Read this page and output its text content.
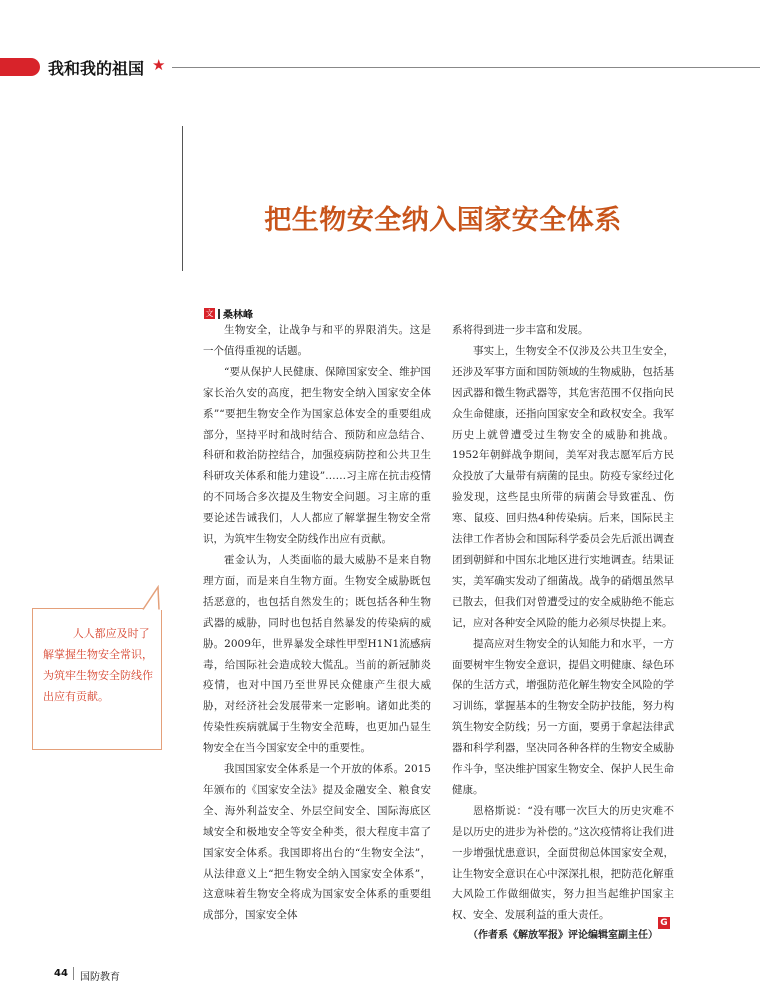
我和我的祖国 ★
把生物安全纳入国家安全体系
文 桑林峰

生物安全，让战争与和平的界限消失。这是一个值得重视的话题。

“要从保护人民健康、保障国家安全、维护国家长治久安的高度，把生物安全纳入国家安全体系”“要把生物安全作为国家总体安全的重要组成部分，坚持平时和战时结合、预防和应急结合、科研和救治防控结合，加强疫病防控和公共卫生科研攻关体系和能力建设”……习主席在抗击疫情的不同场合多次提及生物安全问题。习主席的重要论述告诫我们，人人都应了解掌握生物安全常识，为筑牢生物安全防线作出应有贡献。

霍金认为，人类面临的最大威胁不是来自物理方面，而是来自生物方面。生物安全威胁既包括恶意的，也包括自然发生的；既包括各种生物武器的威胁，同时也包括自然暴发的传染病的威胁。2009年，世界暴发全球性甲型H1N1流感病毒，给国际社会造成较大慌乱。当前的新冠肺炎疫情，也对中国乃至世界民众健康产生很大威胁，对经济社会发展带来一定影响。诸如此类的传染性疾病就属于生物安全范畴，也更加凸显生物安全在当今国家安全中的重要性。

我国国家安全体系是一个开放的体系。2015年颁布的《国家安全法》提及金融安全、粮食安全、海外利益安全、外层空间安全、国际海底区域安全和极地安全等安全种类，很大程度丰富了国家安全体系。我国即将出台的“生物安全法”，从法律意义上“把生物安全纳入国家安全体系”，这意味着生物安全将成为国家安全体系的重要组成部分，国家安全体

系将得到进一步丰富和发展。

事实上，生物安全不仅涉及公共卫生安全，还涉及军事方面和国防领域的生物威胁，包括基因武器和微生物武器等，其危害范围不仅指向民众生命健康，还指向国家安全和政权安全。我军历史上就曾遭受过生物安全的威胁和挑战。1952年朝鲜战争期间，美军对我志愿军后方民众投放了大量带有病菌的昆虫。防疫专家经过化验发现，这些昆虫所带的病菌会导致霍乱、伤寒、鼠疫、回归热4种传染病。后来，国际民主法律工作者协会和国际科学委员会先后派出调查团到朝鲜和中国东北地区进行实地调查。结果证实，美军确实发动了细菌战。战争的硝烟虽然早已散去，但我们对曾遭受过的安全威胁绝不能忘记，应对各种安全风险的能力必须尽快提上来。

提高应对生物安全的认知能力和水平，一方面要树牢生物安全意识，提倡文明健康、绿色环保的生活方式，增强防范化解生物安全风险的学习训练，掌握基本的生物安全防护技能，努力构筑生物安全防线；另一方面，要勇于拿起法律武器和科学利器，坚决同各种各样的生物安全威胁作斗争，坚决维护国家生物安全、保护人民生命健康。

恩格斯说：“没有哪一次巨大的历史灾难不是以历史的进步为补偿的。”这次疫情将让我们进一步增强忧患意识，全面贯彻总体国家安全观，让生物安全意识在心中深深扎根，把防范化解重大风险工作做细做实，努力担当起维护国家主权、安全、发展利益的重大责任。

（作者系《解放军报》评论编辑室副主任）

G

人人都应及时了解掌握生物安全常识，为筑牢生物安全防线作出应有贡献。

44 国防教育
